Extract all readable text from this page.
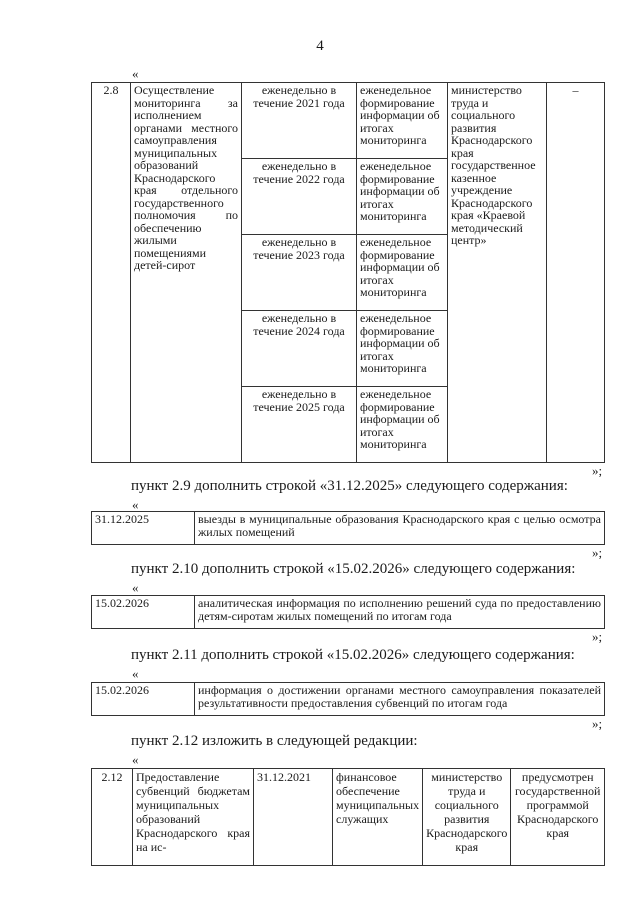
4
«
2.8	Осуществление мониторинга за исполнением органами местного самоуправления муниципальных образований Краснодарского края отдельного государственного полномочия по обеспечению жилыми помещениями детей-сирот	еженедельно в течение 2021 года	еженедельное формирование информации об итогах мониторинга	министерство труда и социального развития Краснодарского края государственное казенное учреждение Краснодарского края «Краевой методический центр»	–
		еженедельно в течение 2022 года	еженедельное формирование информации об итогах мониторинга		
		еженедельно в течение 2023 года	еженедельное формирование информации об итогах мониторинга		
		еженедельно в течение 2024 года	еженедельное формирование информации об итогах мониторинга		
		еженедельно в течение 2025 года	еженедельное формирование информации об итогах мониторинга		
»;
пункт 2.9 дополнить строкой «31.12.2025» следующего содержания:
«
31.12.2025	выезды в муниципальные образования Краснодарского края с целью осмотра жилых помещений
»;
пункт 2.10 дополнить строкой «15.02.2026» следующего содержания:
«
15.02.2026	аналитическая информация по исполнению решений суда по предоставлению детям-сиротам жилых помещений по итогам года
»;
пункт 2.11 дополнить строкой «15.02.2026» следующего содержания:
«
15.02.2026	информация о достижении органами местного самоуправления показателей результативности предоставления субвенций по итогам года
»;
пункт 2.12 изложить в следующей редакции:
«
2.12	Предоставление субвенций бюджетам муниципальных образований Краснодарского края на ис-	31.12.2021	финансовое обеспечение муниципальных служащих	министерство труда и социального развития Краснодарского края	предусмотрен государственной программой Краснодарского края
